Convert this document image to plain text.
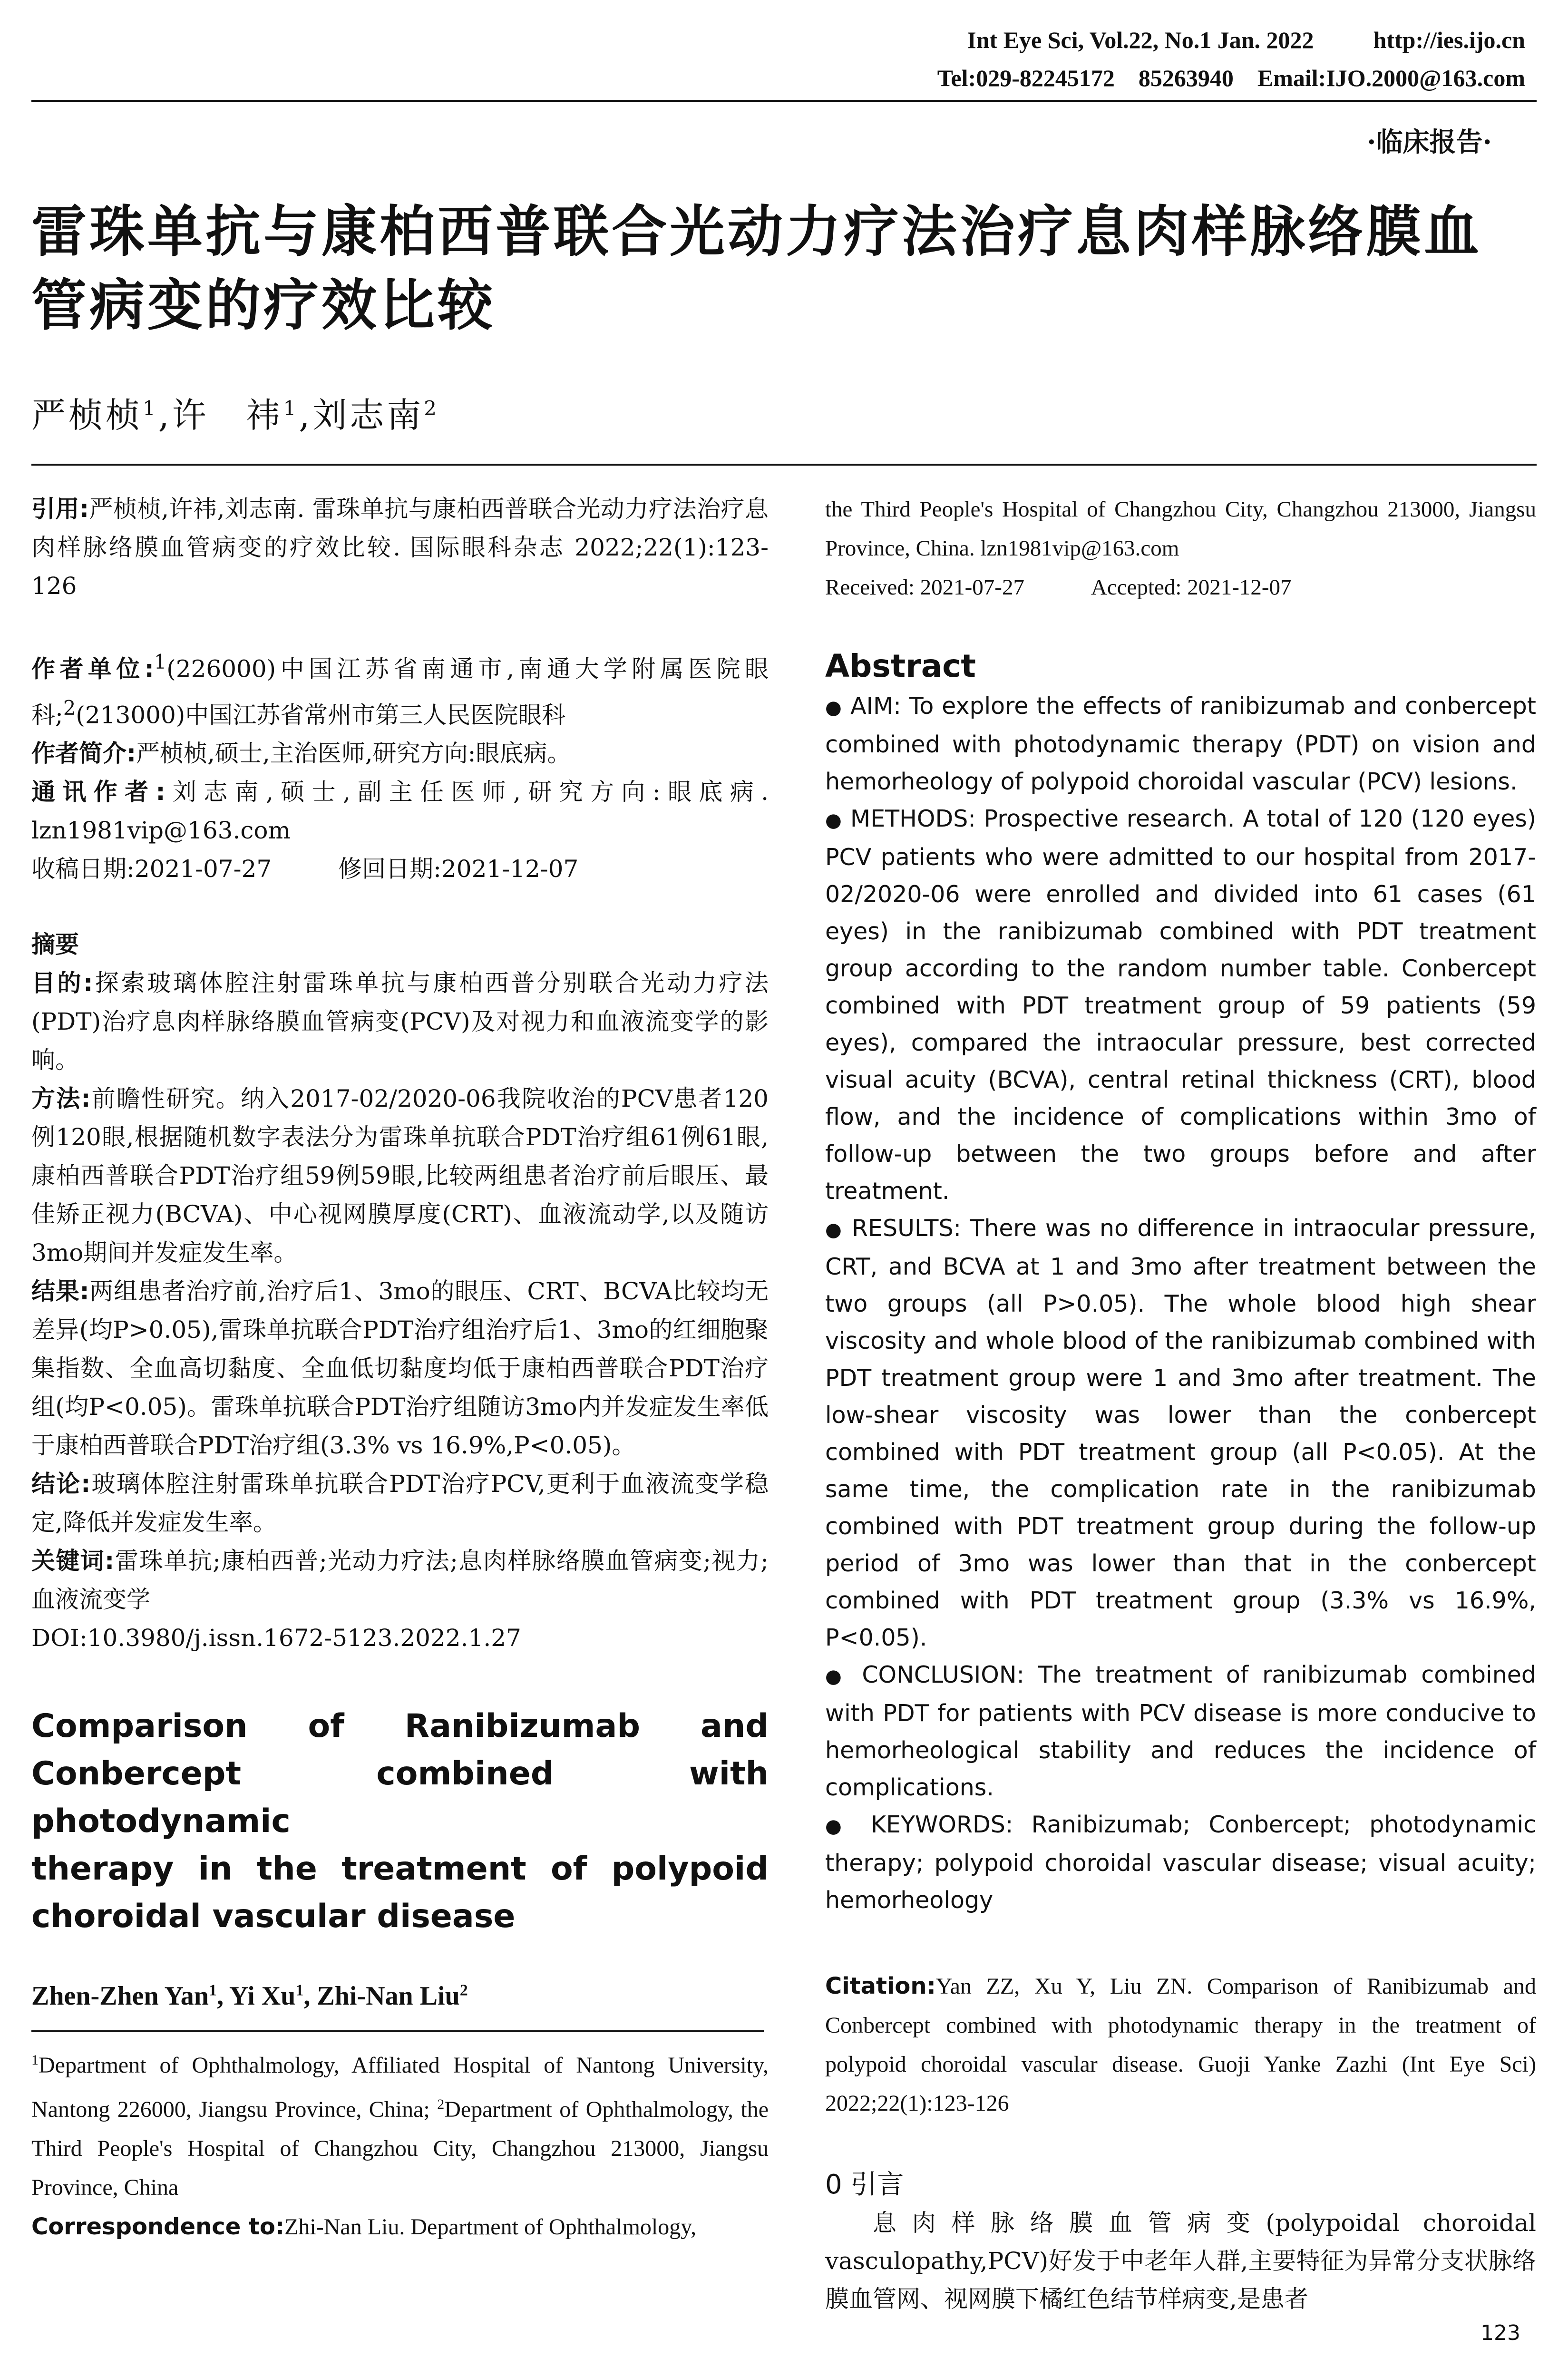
Int Eye Sci, Vol.22, No.1 Jan. 2022          http://ies.ijo.cn
Tel:029-82245172    85263940    Email:IJO.2000@163.com
·临床报告·
雷珠单抗与康柏西普联合光动力疗法治疗息肉样脉络膜血管病变的疗效比较
严桢桢$^1$,许　祎$^1$,刘志南$^2$
引用:严桢桢,许祎,刘志南. 雷珠单抗与康柏西普联合光动力疗法治疗息肉样脉络膜血管病变的疗效比较. 国际眼科杂志 2022;22(1):123-126
作者单位:$^1$(226000)中国江苏省南通市,南通大学附属医院眼科;$^2$(213000)中国江苏省常州市第三人民医院眼科
作者简介:严桢桢,硕士,主治医师,研究方向:眼底病。
通讯作者:刘志南,硕士,副主任医师,研究方向:眼底病. lzn1981vip@163.com
收稿日期:2021-07-27	修回日期:2021-12-07
摘要
目的:探索玻璃体腔注射雷珠单抗与康柏西普分别联合光动力疗法(PDT)治疗息肉样脉络膜血管病变(PCV)及对视力和血液流变学的影响。
方法:前瞻性研究。纳入2017-02/2020-06我院收治的PCV患者120例120眼,根据随机数字表法分为雷珠单抗联合PDT治疗组61例61眼,康柏西普联合PDT治疗组59例59眼,比较两组患者治疗前后眼压、最佳矫正视力(BCVA)、中心视网膜厚度(CRT)、血液流动学,以及随访3mo期间并发症发生率。
结果:两组患者治疗前,治疗后1、3mo的眼压、CRT、BCVA比较均无差异(均P>0.05),雷珠单抗联合PDT治疗组治疗后1、3mo的红细胞聚集指数、全血高切黏度、全血低切黏度均低于康柏西普联合PDT治疗组(均P<0.05)。雷珠单抗联合PDT治疗组随访3mo内并发症发生率低于康柏西普联合PDT治疗组(3.3% vs 16.9%,P<0.05)。
结论:玻璃体腔注射雷珠单抗联合PDT治疗PCV,更利于血液流变学稳定,降低并发症发生率。
关键词:雷珠单抗;康柏西普;光动力疗法;息肉样脉络膜血管病变;视力;血液流变学
DOI:10.3980/j.issn.1672-5123.2022.1.27
Comparison of Ranibizumab and
Conbercept combined with photodynamic
therapy in the treatment of polypoid
choroidal vascular disease
Zhen-Zhen Yan$^1$, Yi Xu$^1$, Zhi-Nan Liu$^2$
$^1$Department of Ophthalmology, Affiliated Hospital of Nantong University, Nantong 226000, Jiangsu Province, China; $^2$Department of Ophthalmology, the Third People's Hospital of Changzhou City, Changzhou 213000, Jiangsu Province, China
Correspondence to:Zhi-Nan Liu. Department of Ophthalmology,
the Third People's Hospital of Changzhou City, Changzhou 213000, Jiangsu Province, China. lzn1981vip@163.com
Received: 2021-07-27	Accepted: 2021-12-07
Abstract
● AIM: To explore the effects of ranibizumab and conbercept combined with photodynamic therapy (PDT) on vision and hemorheology of polypoid choroidal vascular (PCV) lesions.
● METHODS: Prospective research. A total of 120 (120 eyes) PCV patients who were admitted to our hospital from 2017-02/2020-06 were enrolled and divided into 61 cases (61 eyes) in the ranibizumab combined with PDT treatment group according to the random number table. Conbercept combined with PDT treatment group of 59 patients (59 eyes), compared the intraocular pressure, best corrected visual acuity (BCVA), central retinal thickness (CRT), blood flow, and the incidence of complications within 3mo of follow-up between the two groups before and after treatment.
● RESULTS: There was no difference in intraocular pressure, CRT, and BCVA at 1 and 3mo after treatment between the two groups (all P>0.05). The whole blood high shear viscosity and whole blood of the ranibizumab combined with PDT treatment group were 1 and 3mo after treatment. The low-shear viscosity was lower than the conbercept combined with PDT treatment group (all P<0.05). At the same time, the complication rate in the ranibizumab combined with PDT treatment group during the follow-up period of 3mo was lower than that in the conbercept combined with PDT treatment group (3.3% vs 16.9%, P<0.05).
● CONCLUSION: The treatment of ranibizumab combined with PDT for patients with PCV disease is more conducive to hemorheological stability and reduces the incidence of complications.
● KEYWORDS: Ranibizumab; Conbercept; photodynamic therapy; polypoid choroidal vascular disease; visual acuity; hemorheology
Citation:Yan ZZ, Xu Y, Liu ZN. Comparison of Ranibizumab and Conbercept combined with photodynamic therapy in the treatment of polypoid choroidal vascular disease. Guoji Yanke Zazhi (Int Eye Sci) 2022;22(1):123-126
0 引言
息肉样脉络膜血管病变(polypoidal choroidal vasculopathy,PCV)好发于中老年人群,主要特征为异常分支状脉络膜血管网、视网膜下橘红色结节样病变,是患者
123
